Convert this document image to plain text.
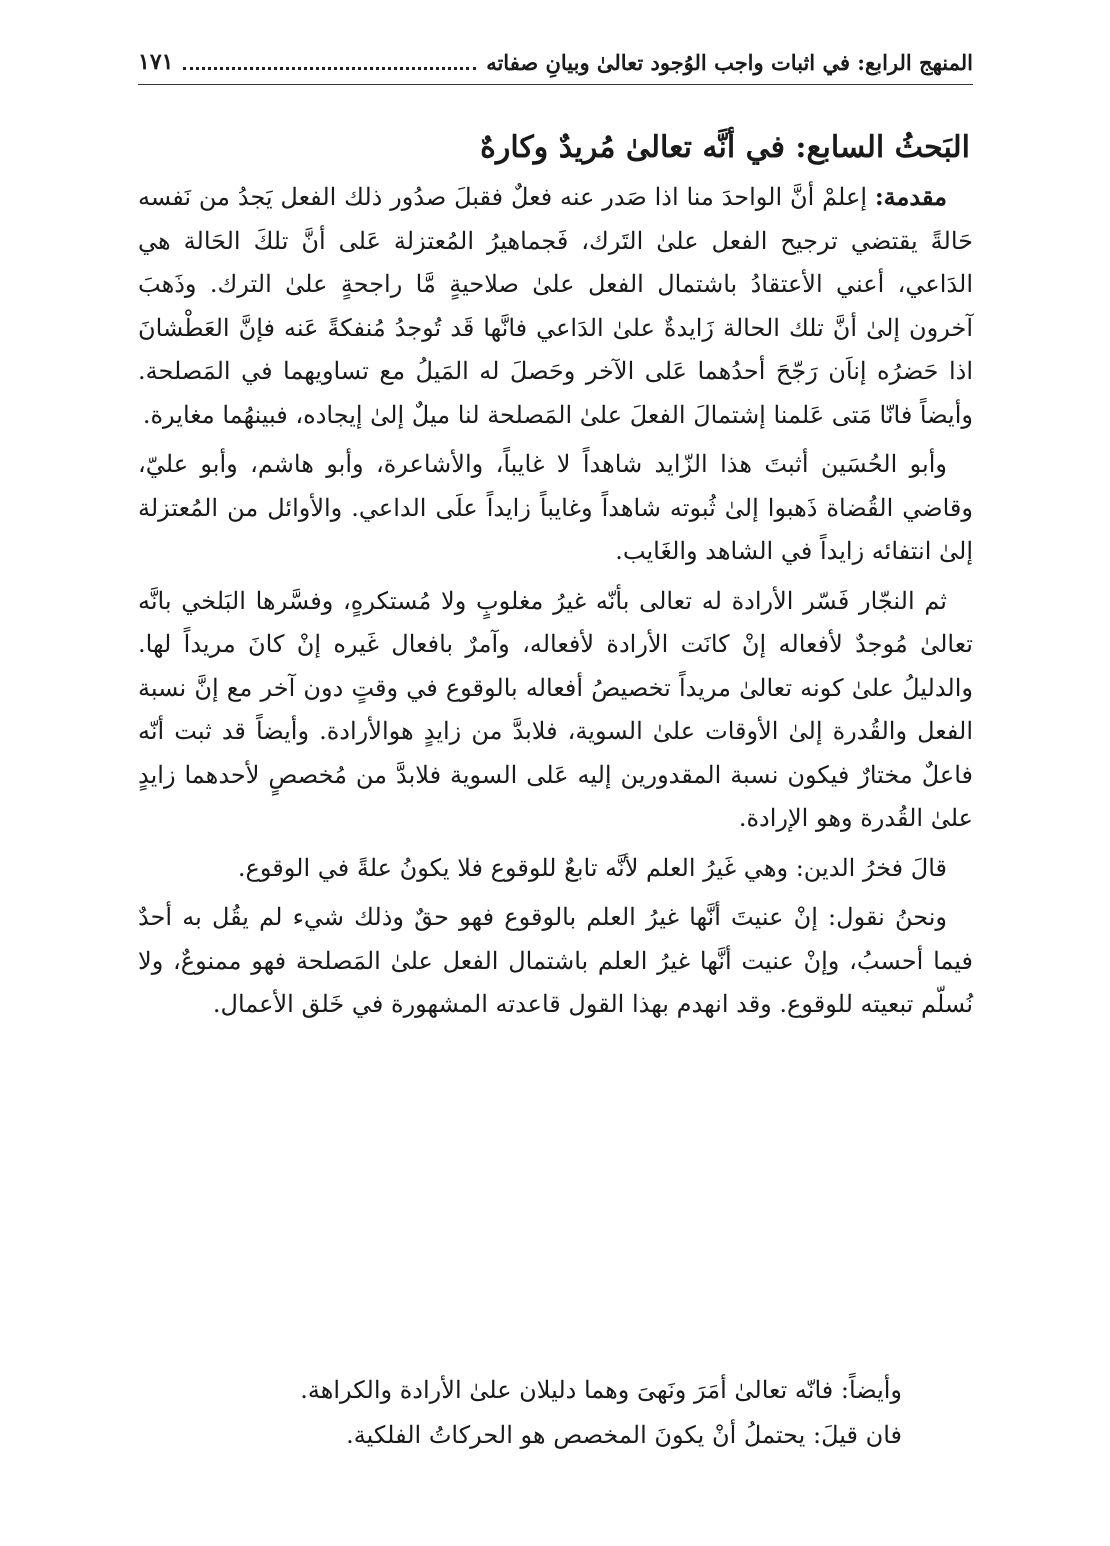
المنهج الرابع: في اثبات واجب الوُجود تعالىٰ وبيانِ صفاته
١٧١
البَحثُ السابع: في أنَّه تعالىٰ مُريدٌ وكارهٌ

مقدمة: إعلمْ أنَّ الواحدَ منا اذا صَدر عنه فعلٌ فقبلَ صدُور ذلك الفعل يَجدُ من نَفسه حَالةً يقتضي ترجيح الفعل علىٰ التَرك، فَجماهيرُ المُعتزلة عَلى أنَّ تلكَ الحَالة هي الدَاعي، أعني الأعتقادُ باشتمال الفعل علىٰ صلاحيةٍ مَّا راجحةٍ علىٰ الترك. وذَهبَ آخرون إلىٰ أنَّ تلك الحالة زَايدةٌ علىٰ الدَاعي فانَّها قَد تُوجدُ مُنفكةً عَنه فإنَّ العَطْشانَ اذا حَضرُه إناَن رَجّحَ أحدُهما عَلى الآخر وحَصلَ له المَيلُ مع تساويهما في المَصلحة. وأيضاً فانّا مَتى عَلمنا إشتمالَ الفعلَ علىٰ المَصلحة لنا ميلٌ إلىٰ إيجاده، فبينهُما مغايرة.

وأبو الحُسَين أثبتَ هذا الزّايد شاهداً لا غايباً، والأشاعرة، وأبو هاشم، وأبو عليّ، وقاضي القُضاة ذَهبوا إلىٰ ثُبوته شاهداً وغايباً زايداً علَى الداعي. والأوائل من المُعتزلة إلىٰ انتفائه زايداً في الشاهد والغَايب.

ثم النجّار فَسّر الأرادة له تعالى بأنّه غيرُ مغلوبٍ ولا مُستكرهٍ، وفسَّرها البَلخي بانَّه تعالىٰ مُوجدٌ لأفعاله إنْ كانَت الأرادة لأفعاله، وآمرٌ بافعال غَيره إنْ كانَ مريداً لها. والدليلُ علىٰ كونه تعالىٰ مريداً تخصيصُ أفعاله بالوقوع في وقتٍ دون آخر مع إنَّ نسبة الفعل والقُدرة إلىٰ الأوقات علىٰ السوية، فلابدَّ من زايدٍ هوالأرادة. وأيضاً قد ثبت أنّه فاعلٌ مختارٌ فيكون نسبة المقدورين إليه عَلى السوية فلابدَّ من مُخصصٍ لأحدهما زايدٍ علىٰ القُدرة وهو الإرادة.

قالَ فخرُ الدين: وهي غَيرُ العلم لأنَّه تابعٌ للوقوع فلا يكونُ علةً في الوقوع.

ونحنُ نقول: إنْ عنيتَ أنَّها غيرُ العلم بالوقوع فهو حقٌ وذلك شيء لم يقُل به أحدٌ فيما أحسبُ، وإنْ عنيت أنَّها غيرُ العلم باشتمال الفعل علىٰ المَصلحة فهو ممنوعٌ، ولا نُسلّم تبعيته للوقوع. وقد انهدم بهذا القول قاعدته المشهورة في خَلق الأعمال.

وأيضاً: فانّه تعالىٰ أمَرَ ونَهىَ وهما دليلان علىٰ الأرادة والكراهة.

فان قيلَ: يحتملُ أنْ يكونَ المخصص هو الحركاتُ الفلكية.
